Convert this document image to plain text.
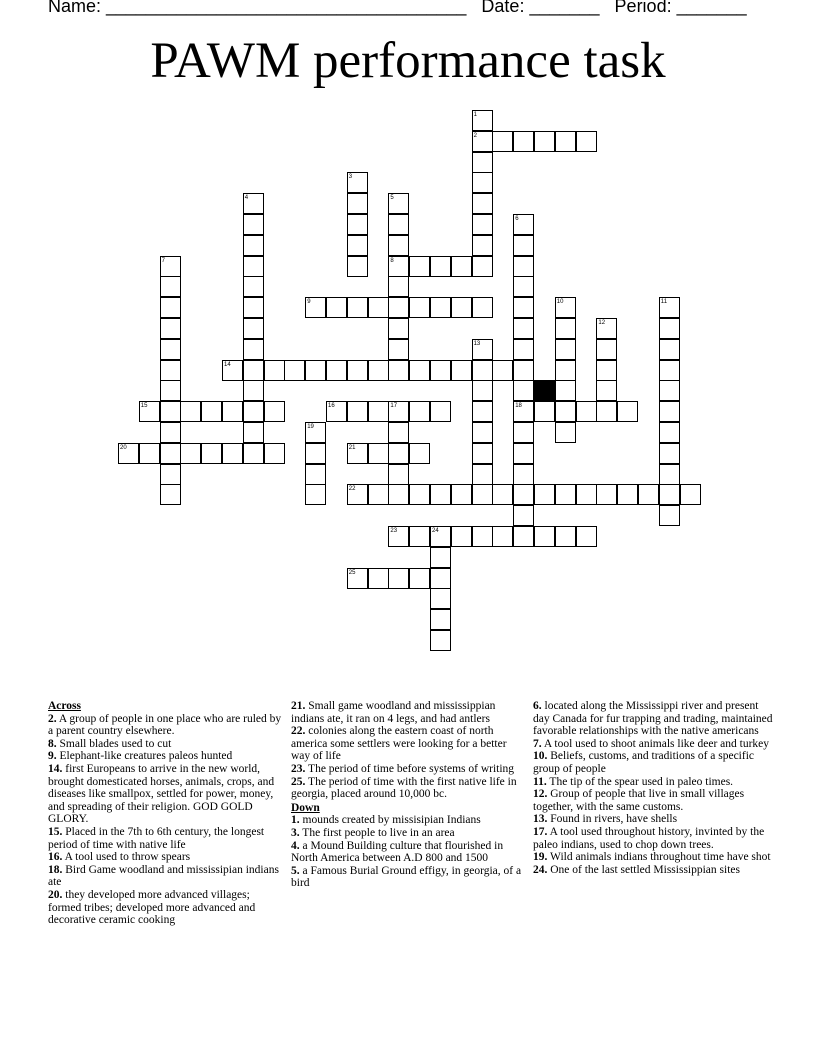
Name: ____________________________________ Date: _______ Period: _______
PAWM performance task
1
2
3
4	5
8
6
18
7
9	10	11
12
13
14
15	16	17
19
20	21
22
23	24
25
Across
2. A group of people in one place who are ruled by a parent country elsewhere.
8. Small blades used to cut
9. Elephant-like creatures paleos hunted
14. first Europeans to arrive in the new world, brought domesticated horses, animals, crops, and diseases like smallpox, settled for power, money, and spreading of their religion. GOD GOLD GLORY.
15. Placed in the 7th to 6th century, the longest period of time with native life
16. A tool used to throw spears
18. Bird Game woodland and mississipian indians ate
20. they developed more advanced villages; formed tribes; developed more advanced and decorative ceramic cooking
21. Small game woodland and mississippian indians ate, it ran on 4 legs, and had antlers
22. colonies along the eastern coast of north america some settlers were looking for a better way of life
23. The period of time before systems of writing
25. The period of time with the first native life in georgia, placed around 10,000 bc.
Down
1. mounds created by missisipian Indians
3. The first people to live in an area
4. a Mound Building culture that flourished in North America between A.D 800 and 1500
5. a Famous Burial Ground effigy, in georgia, of a bird
6. located along the Mississippi river and present day Canada for fur trapping and trading, maintained favorable relationships with the native americans
7. A tool used to shoot animals like deer and turkey
10. Beliefs, customs, and traditions of a specific group of people
11. The tip of the spear used in paleo times.
12. Group of people that live in small villages together, with the same customs.
13. Found in rivers, have shells
17. A tool used throughout history, invinted by the paleo indians, used to chop down trees.
19. Wild animals indians throughout time have shot
24. One of the last settled Mississippian sites
